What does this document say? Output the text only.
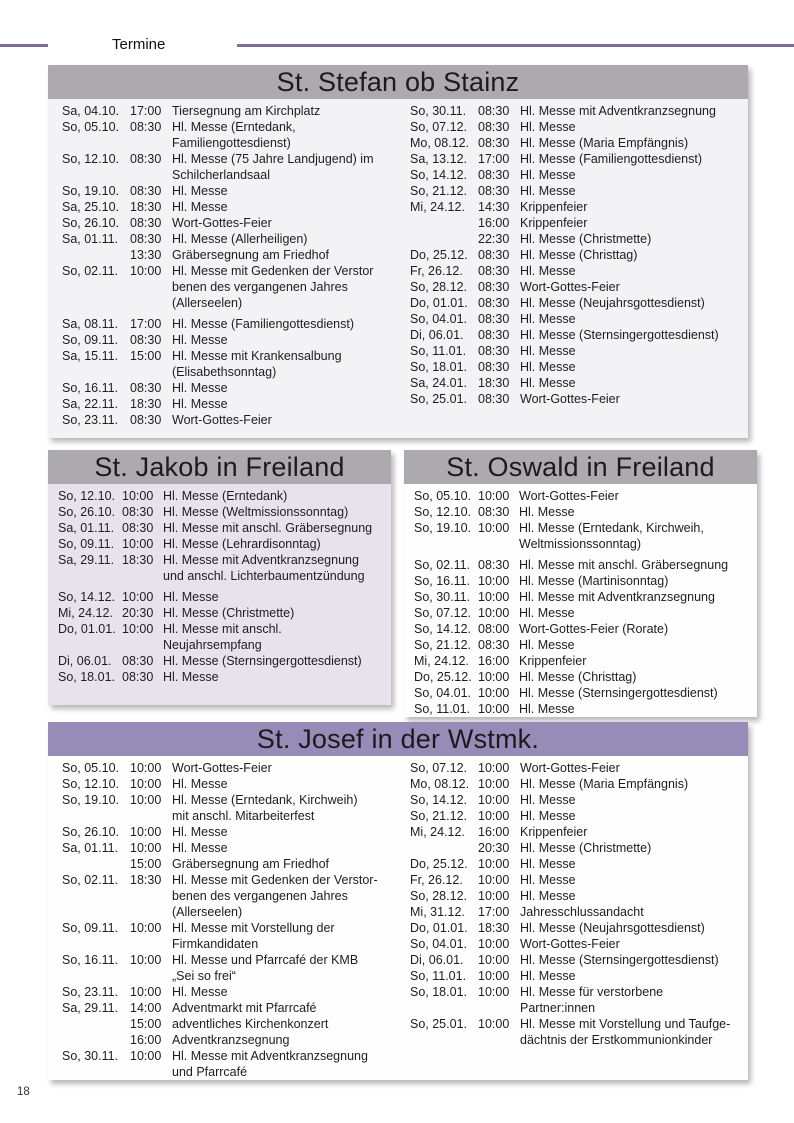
Termine
St. Stefan ob Stainz
Sa, 04.10. 17:00 Tiersegnung am Kirchplatz
So, 05.10. 08:30 Hl. Messe (Erntedank,
Familiengottesdienst)
So, 12.10. 08:30 Hl. Messe (75 Jahre Landjugend) im
Schilcherlandsaal
So, 19.10. 08:30 Hl. Messe
Sa, 25.10. 18:30 Hl. Messe
So, 26.10. 08:30 Wort-Gottes-Feier
Sa, 01.11. 08:30 Hl. Messe (Allerheiligen)
13:30 Gräbersegnung am Friedhof
So, 02.11. 10:00 Hl. Messe mit Gedenken der Verstor
benen des vergangenen Jahres
(Allerseelen)
Sa, 08.11. 17:00 Hl. Messe (Familiengottesdienst)
So, 09.11. 08:30 Hl. Messe
Sa, 15.11. 15:00 Hl. Messe mit Krankensalbung
(Elisabethsonntag)
So, 16.11. 08:30 Hl. Messe
Sa, 22.11. 18:30 Hl. Messe
So, 23.11. 08:30 Wort-Gottes-Feier
So, 30.11. 08:30 Hl. Messe mit Adventkranzsegnung
So, 07.12. 08:30 Hl. Messe
Mo, 08.12. 08:30 Hl. Messe (Maria Empfängnis)
Sa, 13.12. 17:00 Hl. Messe (Familiengottesdienst)
So, 14.12. 08:30 Hl. Messe
So, 21.12. 08:30 Hl. Messe
Mi, 24.12.	14:30 Krippenfeier
16:00 Krippenfeier
22:30 Hl. Messe (Christmette)
Do, 25.12. 08:30 Hl. Messe (Christtag)
Fr, 26.12.	08:30 Hl. Messe
So, 28.12. 08:30 Wort-Gottes-Feier
Do, 01.01. 08:30 Hl. Messe (Neujahrsgottesdienst)
So, 04.01. 08:30 Hl. Messe
Di, 06.01.	08:30 Hl. Messe (Sternsingergottesdienst)
So, 11.01. 08:30 Hl. Messe
So, 18.01. 08:30 Hl. Messe
Sa, 24.01. 18:30 Hl. Messe
So, 25.01. 08:30 Wort-Gottes-Feier
St. Jakob in Freiland
So, 12.10. 10:00 Hl. Messe (Erntedank)
So, 26.10. 08:30 Hl. Messe (Weltmissionssonntag)
Sa, 01.11. 08:30 Hl. Messe mit anschl. Gräbersegnung
So, 09.11. 10:00 Hl. Messe (Lehrardisonntag)
Sa, 29.11. 18:30 Hl. Messe mit Adventkranzsegnung
und anschl. Lichterbaumentzündung
So, 14.12. 10:00 Hl. Messe
Mi, 24.12. 20:30 Hl. Messe (Christmette)
Do, 01.01. 10:00 Hl. Messe mit anschl.
Neujahrsempfang
Di, 06.01. 08:30 Hl. Messe (Sternsingergottesdienst)
So, 18.01. 08:30 Hl. Messe
St. Oswald in Freiland
So, 05.10. 10:00 Wort-Gottes-Feier
So, 12.10. 08:30 Hl. Messe
So, 19.10. 10:00 Hl. Messe (Erntedank, Kirchweih,
Weltmissionssonntag)
So, 02.11. 08:30 Hl. Messe mit anschl. Gräbersegnung
So, 16.11. 10:00 Hl. Messe (Martinisonntag)
So, 30.11. 10:00 Hl. Messe mit Adventkranzsegnung
So, 07.12. 10:00 Hl. Messe
So, 14.12. 08:00 Wort-Gottes-Feier (Rorate)
So, 21.12. 08:30 Hl. Messe
Mi, 24.12. 16:00 Krippenfeier
Do, 25.12. 10:00 Hl. Messe (Christtag)
So, 04.01. 10:00 Hl. Messe (Sternsingergottesdienst)
So, 11.01. 10:00 Hl. Messe
St. Josef in der Wstmk.
So, 05.10. 10:00 Wort-Gottes-Feier
So, 12.10. 10:00 Hl. Messe
So, 19.10. 10:00 Hl. Messe (Erntedank, Kirchweih)
mit anschl. Mitarbeiterfest
So, 26.10. 10:00 Hl. Messe
Sa, 01.11. 10:00 Hl. Messe
15:00 Gräbersegnung am Friedhof
So, 02.11. 18:30 Hl. Messe mit Gedenken der Verstor-
benen des vergangenen Jahres
(Allerseelen)
So, 09.11. 10:00 Hl. Messe mit Vorstellung der
Firmkandidaten
So, 16.11. 10:00 Hl. Messe und Pfarrcafé der KMB
„Sei so frei“
So, 23.11. 10:00 Hl. Messe
Sa, 29.11. 14:00 Adventmarkt mit Pfarrcafé
15:00 adventliches Kirchenkonzert
16:00 Adventkranzsegnung
So, 30.11. 10:00 Hl. Messe mit Adventkranzsegnung
und Pfarrcafé
So, 07.12. 10:00 Wort-Gottes-Feier
Mo, 08.12. 10:00 Hl. Messe (Maria Empfängnis)
So, 14.12. 10:00 Hl. Messe
So, 21.12. 10:00 Hl. Messe
Mi, 24.12.	16:00 Krippenfeier
20:30 Hl. Messe (Christmette)
Do, 25.12. 10:00 Hl. Messe
Fr, 26.12.	10:00 Hl. Messe
So, 28.12. 10:00 Hl. Messe
Mi, 31.12.	17:00 Jahresschlussandacht
Do, 01.01. 18:30 Hl. Messe (Neujahrsgottesdienst)
So, 04.01. 10:00 Wort-Gottes-Feier
Di, 06.01.	10:00 Hl. Messe (Sternsingergottesdienst)
So, 11.01. 10:00 Hl. Messe
So, 18.01. 10:00 Hl. Messe für verstorbene
Partner:innen
So, 25.01. 10:00 Hl. Messe mit Vorstellung und Taufge-
dächtnis der Erstkommunionkinder
18
